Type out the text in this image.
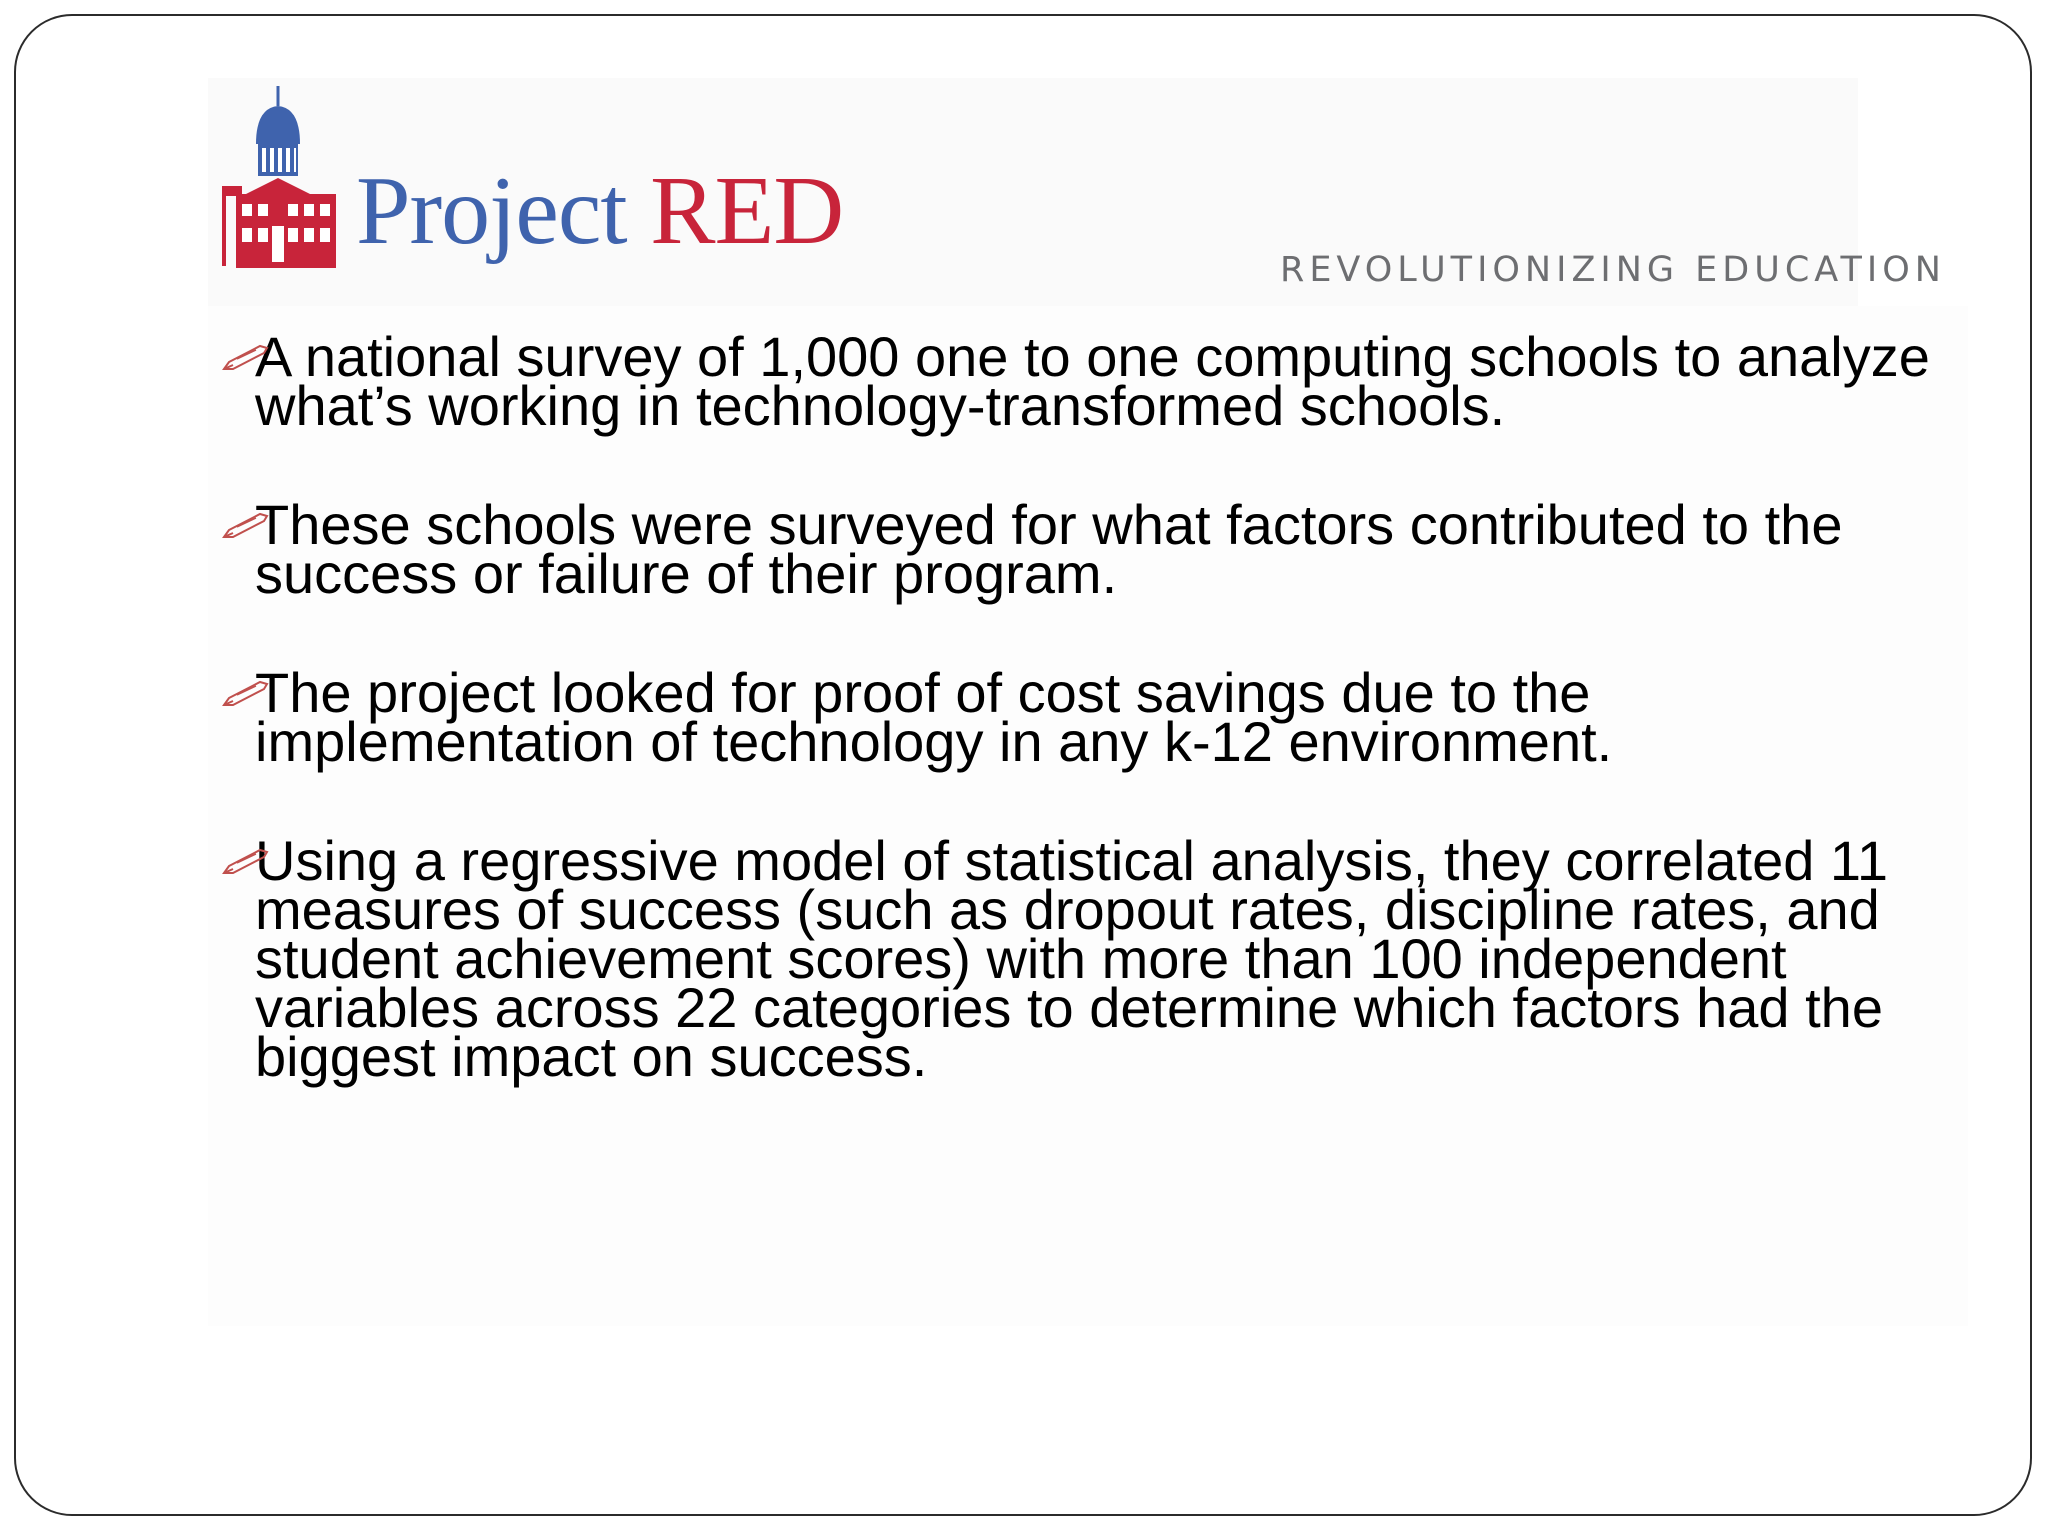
Project RED
REVOLUTIONIZING EDUCATION
A national survey of 1,000 one to one computing schools to analyze what’s working in technology-transformed schools.
These schools were surveyed for what factors contributed to the success or failure of their program.
The project looked for proof of cost savings due to the implementation of technology in any k-12 environment.
Using a regressive model of statistical analysis, they correlated 11 measures of success (such as dropout rates, discipline rates, and student achievement scores) with more than 100 independent variables across 22 categories to determine which factors had the biggest impact on success.
